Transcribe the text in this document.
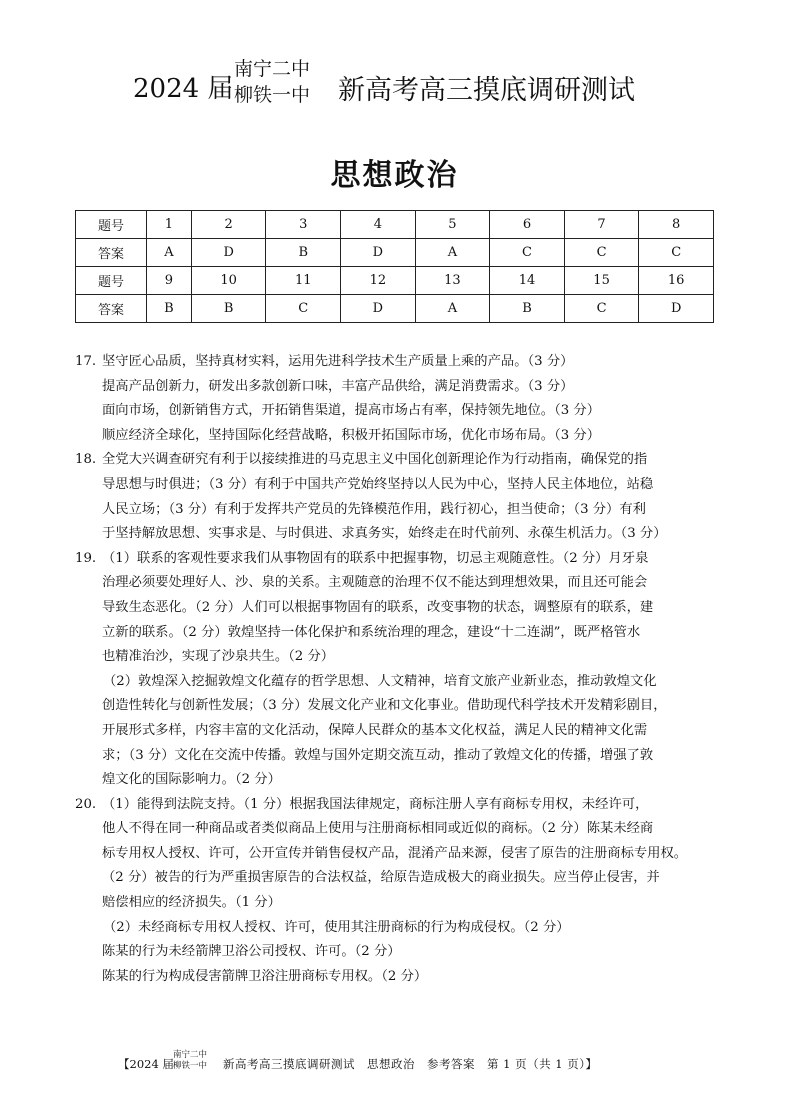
2024 届
南宁二中
柳铁一中 新高考高三摸底调研测试
思想政治
题号	1	2	3	4	5	6	7	8
答案	A	D	B	D	A	C	C	C
题号	9	10	11	12	13	14	15	16
答案	B	B	C	D	A	B	C	D
17. 坚守匠心品质，坚持真材实料，运用先进科学技术生产质量上乘的产品。（3 分）
提高产品创新力，研发出多款创新口味，丰富产品供给，满足消费需求。（3 分）
面向市场，创新销售方式，开拓销售渠道，提高市场占有率，保持领先地位。（3 分）
顺应经济全球化，坚持国际化经营战略，积极开拓国际市场，优化市场布局。（3 分）
18. 全党大兴调查研究有利于以接续推进的马克思主义中国化创新理论作为行动指南，确保党的指
导思想与时俱进；（3 分）有利于中国共产党始终坚持以人民为中心，坚持人民主体地位，站稳
人民立场；（3 分）有利于发挥共产党员的先锋模范作用，践行初心，担当使命；（3 分）有利
于坚持解放思想、实事求是、与时俱进、求真务实，始终走在时代前列、永葆生机活力。（3 分）
19. （1）联系的客观性要求我们从事物固有的联系中把握事物，切忌主观随意性。（2 分）月牙泉
治理必须要处理好人、沙、泉的关系。主观随意的治理不仅不能达到理想效果，而且还可能会
导致生态恶化。（2 分）人们可以根据事物固有的联系，改变事物的状态，调整原有的联系，建
立新的联系。（2 分）敦煌坚持一体化保护和系统治理的理念，建设“十二连湖”，既严格管水
也精准治沙，实现了沙泉共生。（2 分）
（2）敦煌深入挖掘敦煌文化蕴存的哲学思想、人文精神，培育文旅产业新业态，推动敦煌文化
创造性转化与创新性发展；（3 分）发展文化产业和文化事业。借助现代科学技术开发精彩剧目，
开展形式多样，内容丰富的文化活动，保障人民群众的基本文化权益，满足人民的精神文化需
求；（3 分）文化在交流中传播。敦煌与国外定期交流互动，推动了敦煌文化的传播，增强了敦
煌文化的国际影响力。（2 分）
20. （1）能得到法院支持。（1 分）根据我国法律规定，商标注册人享有商标专用权，未经许可，
他人不得在同一种商品或者类似商品上使用与注册商标相同或近似的商标。（2 分）陈某未经商
标专用权人授权、许可，公开宣传并销售侵权产品，混淆产品来源，侵害了原告的注册商标专用权。
（2 分）被告的行为严重损害原告的合法权益，给原告造成极大的商业损失。应当停止侵害，并
赔偿相应的经济损失。（1 分）
（2）未经商标专用权人授权、许可，使用其注册商标的行为构成侵权。（2 分）
陈某的行为未经箭牌卫浴公司授权、许可。（2 分）
陈某的行为构成侵害箭牌卫浴注册商标专用权。（2 分）
【2024 届
南宁二中
柳铁一中 新高考高三摸底调研测试　思想政治　参考答案　第 1 页（共 1 页）】
